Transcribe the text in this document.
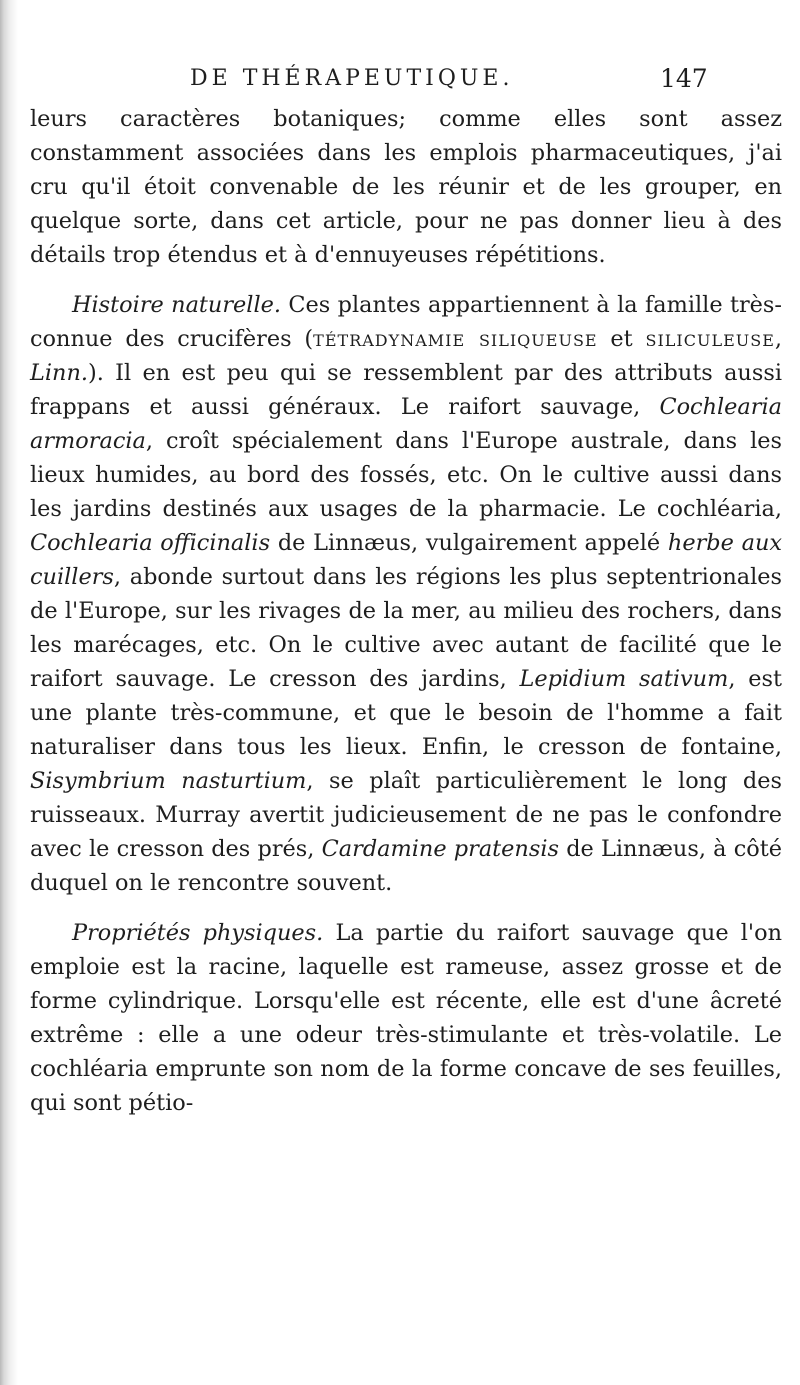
DE THÉRAPEUTIQUE.	147

leurs caractères botaniques; comme elles sont assez constamment associées dans les emplois pharmaceutiques, j'ai cru qu'il étoit convenable de les réunir et de les grouper, en quelque sorte, dans cet article, pour ne pas donner lieu à des détails trop étendus et à d'ennuyeuses répétitions.

Histoire naturelle. Ces plantes appartiennent à la famille très-connue des crucifères (tétradynamie siliqueuse et siliculeuse, Linn.). Il en est peu qui se ressemblent par des attributs aussi frappans et aussi généraux. Le raifort sauvage, Cochlearia armoracia, croît spécialement dans l'Europe australe, dans les lieux humides, au bord des fossés, etc. On le cultive aussi dans les jardins destinés aux usages de la pharmacie. Le cochléaria, Cochlearia officinalis de Linnæus, vulgairement appelé herbe aux cuillers, abonde surtout dans les régions les plus septentrionales de l'Europe, sur les rivages de la mer, au milieu des rochers, dans les marécages, etc. On le cultive avec autant de facilité que le raifort sauvage. Le cresson des jardins, Lepidium sativum, est une plante très-commune, et que le besoin de l'homme a fait naturaliser dans tous les lieux. Enfin, le cresson de fontaine, Sisymbrium nasturtium, se plaît particulièrement le long des ruisseaux. Murray avertit judicieusement de ne pas le confondre avec le cresson des prés, Cardamine pratensis de Linnæus, à côté duquel on le rencontre souvent.

Propriétés physiques. La partie du raifort sauvage que l'on emploie est la racine, laquelle est rameuse, assez grosse et de forme cylindrique. Lorsqu'elle est récente, elle est d'une âcreté extrême : elle a une odeur très-stimulante et très-volatile. Le cochléaria emprunte son nom de la forme concave de ses feuilles, qui sont pétio-
